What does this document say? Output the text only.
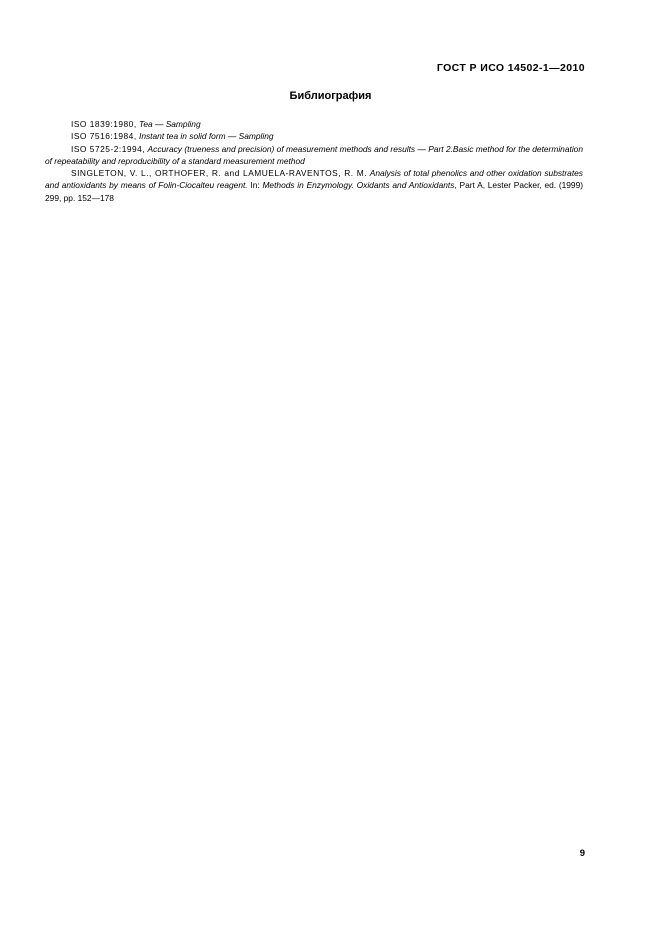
ГОСТ Р ИСО 14502-1—2010
Библиография

ISO 1839:1980, Tea — Sampling

ISO 7516:1984, Instant tea in solid form — Sampling

ISO 5725-2:1994, Accuracy (trueness and precision) of measurement methods and results — Part 2.Basic method for the determination of repeatability and reproducibility of a standard measurement method

SINGLETON, V. L., ORTHOFER, R. and LAMUELA-RAVENTOS, R. M. Analysis of total phenolics and other oxidation substrates and antioxidants by means of Folin-Ciocalteu reagent. In: Methods in Enzymology. Oxidants and Antioxidants, Part A, Lester Packer, ed. (1999) 299, pp. 152—178

9
